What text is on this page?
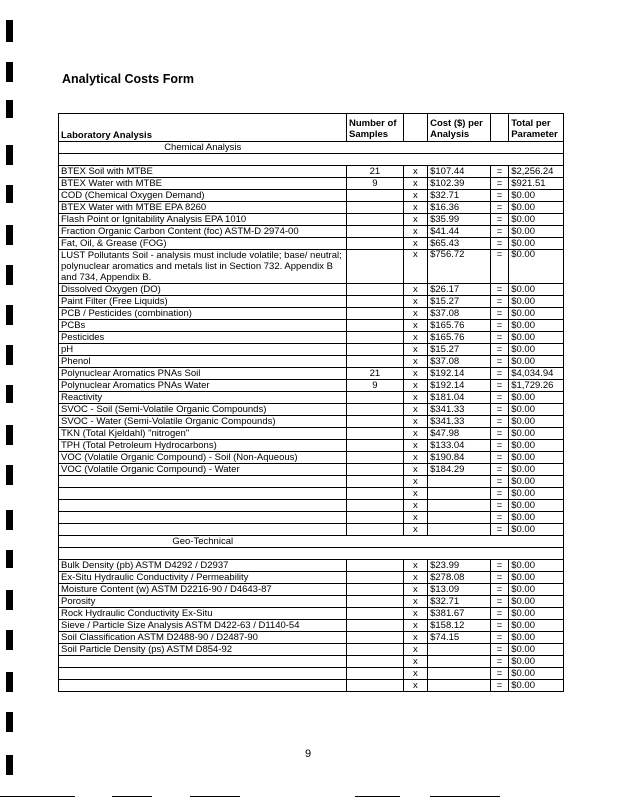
Analytical Costs Form
Laboratory Analysis	Number of Samples		Cost ($) per Analysis		Total per Parameter

Chemical Analysis					

BTEX Soil with MTBE	21	x	$107.44	=	$2,256.24
BTEX Water with MTBE	9	x	$102.39	=	$921.51
COD (Chemical Oxygen Demand)		x	$32.71	=	$0.00
BTEX Water with MTBE EPA 8260		x	$16.36	=	$0.00
Flash Point or Ignitability Analysis EPA 1010		x	$35.99	=	$0.00
Fraction Organic Carbon Content (foc) ASTM-D 2974-00		x	$41.44	=	$0.00
Fat, Oil, & Grease (FOG)		x	$65.43	=	$0.00
LUST Pollutants Soil - analysis must include volatile; base/ neutral; polynuclear aromatics and metals list in Section 732. Appendix B and 734, Appendix B.		x	$756.72	=	$0.00
Dissolved Oxygen (DO)		x	$26.17	=	$0.00
Paint Filter (Free Liquids)		x	$15.27	=	$0.00
PCB / Pesticides (combination)		x	$37.08	=	$0.00
PCBs		x	$165.76	=	$0.00
Pesticides		x	$165.76	=	$0.00
pH		x	$15.27	=	$0.00
Phenol		x	$37.08	=	$0.00
Polynuclear Aromatics PNAs Soil	21	x	$192.14	=	$4,034.94
Polynuclear Aromatics PNAs Water	9	x	$192.14	=	$1,729.26
Reactivity		x	$181.04	=	$0.00
SVOC - Soil (Semi-Volatile Organic Compounds)		x	$341.33	=	$0.00
SVOC - Water (Semi-Volatile Organic Compounds)		x	$341.33	=	$0.00
TKN (Total Kjeldahl) "nitrogen"		x	$47.98	=	$0.00
TPH (Total Petroleum Hydrocarbons)		x	$133.04	=	$0.00
VOC (Volatile Organic Compound) - Soil (Non-Aqueous)		x	$190.84	=	$0.00
VOC (Volatile Organic Compound) - Water		x	$184.29	=	$0.00
		x		=	$0.00
		x		=	$0.00
		x		=	$0.00
		x		=	$0.00
		x		=	$0.00
Geo-Technical					

Bulk Density (pb) ASTM D4292 / D2937		x	$23.99	=	$0.00
Ex-Situ Hydraulic Conductivity / Permeability		x	$278.08	=	$0.00
Moisture Content (w) ASTM D2216-90 / D4643-87		x	$13.09	=	$0.00
Porosity		x	$32.71	=	$0.00
Rock Hydraulic Conductivity Ex-Situ		x	$381.67	=	$0.00
Sieve / Particle Size Analysis ASTM D422-63 / D1140-54		x	$158.12	=	$0.00
Soil Classification ASTM D2488-90 / D2487-90		x	$74.15	=	$0.00
Soil Particle Density (ps) ASTM D854-92		x		=	$0.00
		x		=	$0.00
		x		=	$0.00
		x		=	$0.00
9
